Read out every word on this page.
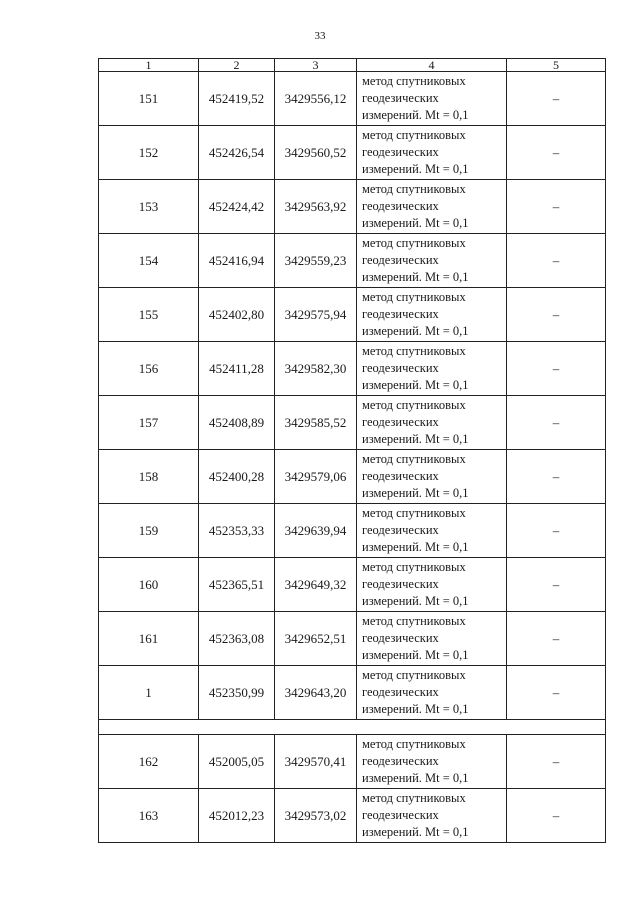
33
1	2	3	4	5
151	452419,52	3429556,12	метод спутниковых
геодезических
измерений. Mt = 0,1	–
152	452426,54	3429560,52	метод спутниковых
геодезических
измерений. Mt = 0,1	–
153	452424,42	3429563,92	метод спутниковых
геодезических
измерений. Mt = 0,1	–
154	452416,94	3429559,23	метод спутниковых
геодезических
измерений. Mt = 0,1	–
155	452402,80	3429575,94	метод спутниковых
геодезических
измерений. Mt = 0,1	–
156	452411,28	3429582,30	метод спутниковых
геодезических
измерений. Mt = 0,1	–
157	452408,89	3429585,52	метод спутниковых
геодезических
измерений. Mt = 0,1	–
158	452400,28	3429579,06	метод спутниковых
геодезических
измерений. Mt = 0,1	–
159	452353,33	3429639,94	метод спутниковых
геодезических
измерений. Mt = 0,1	–
160	452365,51	3429649,32	метод спутниковых
геодезических
измерений. Mt = 0,1	–
161	452363,08	3429652,51	метод спутниковых
геодезических
измерений. Mt = 0,1	–
1	452350,99	3429643,20	метод спутниковых
геодезических
измерений. Mt = 0,1	–

162	452005,05	3429570,41	метод спутниковых
геодезических
измерений. Mt = 0,1	–
163	452012,23	3429573,02	метод спутниковых
геодезических
измерений. Mt = 0,1	–
